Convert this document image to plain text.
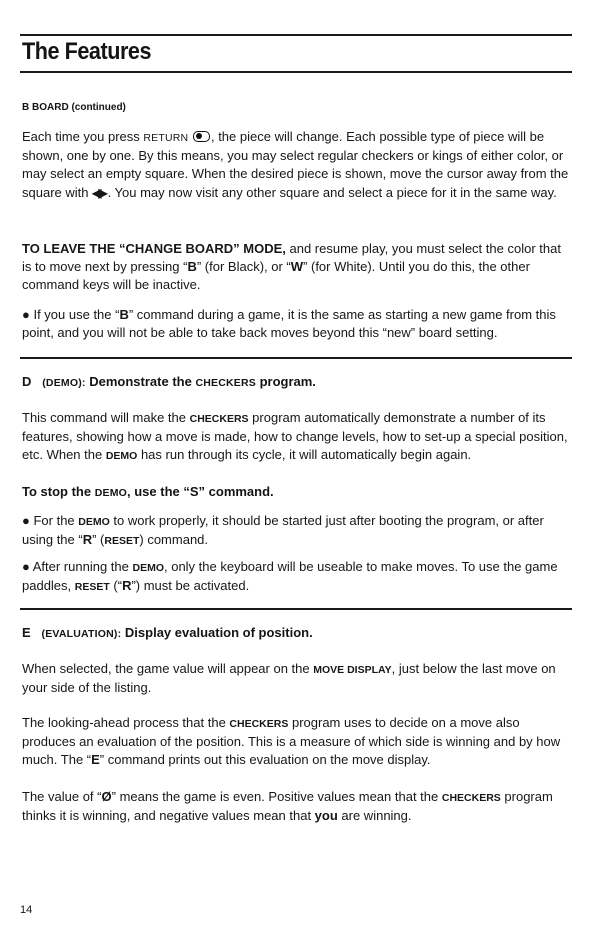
The Features
B BOARD (continued)

Each time you press RETURN , the piece will change. Each possible type of piece will be shown, one by one. By this means, you may select regular checkers or kings of either color, or may select an empty square. When the desired piece is shown, move the cursor away from the square with ◀▶ . You may now visit any other square and select a piece for it in the same way.

TO LEAVE THE “CHANGE BOARD” MODE, and resume play, you must select the color that is to move next by pressing “B” (for Black), or “W” (for White). Until you do this, the other command keys will be inactive.

● If you use the “B” command during a game, it is the same as starting a new game from this point, and you will not be able to take back moves beyond this “new” board setting.

D (DEMO): Demonstrate the CHECKERS program.

This command will make the CHECKERS program automatically demonstrate a number of its features, showing how a move is made, how to change levels, how to set-up a special position, etc. When the DEMO has run through its cycle, it will automatically begin again.

To stop the DEMO, use the “S” command.

● For the DEMO to work properly, it should be started just after booting the program, or after using the “R” (RESET) command.

● After running the DEMO, only the keyboard will be useable to make moves. To use the game paddles, RESET (“R”) must be activated.

E (EVALUATION): Display evaluation of position.

When selected, the game value will appear on the MOVE DISPLAY, just below the last move on your side of the listing.

The looking-ahead process that the CHECKERS program uses to decide on a move also produces an evaluation of the position. This is a measure of which side is winning and by how much. The “E” command prints out this evaluation on the move display.

The value of “Ø” means the game is even. Positive values mean that the CHECKERS program thinks it is winning, and negative values mean that you are winning.

14
